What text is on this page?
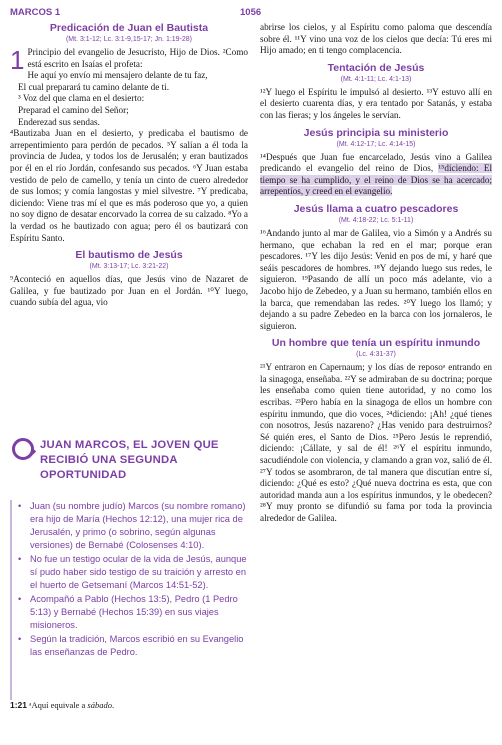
MARCOS 1	1056
Predicación de Juan el Bautista
(Mt. 3:1-12; Lc. 3:1-9,15-17; Jn. 1:19-28)

1 Principio del evangelio de Jesucristo, Hijo de Dios. ²Como está escrito en Isaías el profeta:

He aquí yo envío mi mensajero delante de tu faz,

El cual preparará tu camino delante de ti.

³ Voz del que clama en el desierto:

Preparad el camino del Señor;

Enderezad sus sendas.

⁴Bautizaba Juan en el desierto, y predicaba el bautismo de arrepentimiento para perdón de pecados. ⁵Y salían a él toda la provincia de Judea, y todos los de Jerusalén; y eran bautizados por él en el río Jordán, confesando sus pecados. ⁶Y Juan estaba vestido de pelo de camello, y tenía un cinto de cuero alrededor de sus lomos; y comía langostas y miel silvestre. ⁷Y predicaba, diciendo: Viene tras mí el que es más poderoso que yo, a quien no soy digno de desatar encorvado la correa de su calzado. ⁸Yo a la verdad os he bautizado con agua; pero él os bautizará con Espíritu Santo.

El bautismo de Jesús
(Mt. 3:13-17; Lc. 3:21-22)

⁹Aconteció en aquellos días, que Jesús vino de Nazaret de Galilea, y fue bautizado por Juan en el Jordán. ¹⁰Y luego, cuando subía del agua, vio

JUAN MARCOS, EL JOVEN QUE RECIBIÓ UNA SEGUNDA OPORTUNIDAD
• Juan (su nombre judío) Marcos (su nombre romano) era hijo de María (Hechos 12:12), una mujer rica de Jerusalén, y primo (o sobrino, según algunas versiones) de Bernabé (Colosenses 4:10).
• No fue un testigo ocular de la vida de Jesús, aunque sí pudo haber sido testigo de su traición y arresto en el huerto de Getsemaní (Marcos 14:51-52).
• Acompañó a Pablo (Hechos 13:5), Pedro (1 Pedro 5:13) y Bernabé (Hechos 15:39) en sus viajes misioneros.
• Según la tradición, Marcos escribió en su Evangelio las enseñanzas de Pedro.
1:21 ᵃAquí equivale a sábado.

abrirse los cielos, y al Espíritu como paloma que descendía sobre él. ¹¹Y vino una voz de los cielos que decía: Tú eres mi Hijo amado; en ti tengo complacencia.

Tentación de Jesús
(Mt. 4:1-11; Lc. 4:1-13)

¹²Y luego el Espíritu le impulsó al desierto. ¹³Y estuvo allí en el desierto cuarenta días, y era tentado por Satanás, y estaba con las fieras; y los ángeles le servían.

Jesús principia su ministerio
(Mt. 4:12-17; Lc. 4:14-15)

¹⁴Después que Juan fue encarcelado, Jesús vino a Galilea predicando el evangelio del reino de Dios, ¹⁵diciendo: El tiempo se ha cumplido, y el reino de Dios se ha acercado; arrepentíos, y creed en el evangelio.

Jesús llama a cuatro pescadores
(Mt. 4:18-22; Lc. 5:1-11)

¹⁶Andando junto al mar de Galilea, vio a Simón y a Andrés su hermano, que echaban la red en el mar; porque eran pescadores. ¹⁷Y les dijo Jesús: Venid en pos de mí, y haré que seáis pescadores de hombres. ¹⁸Y dejando luego sus redes, le siguieron. ¹⁹Pasando de allí un poco más adelante, vio a Jacobo hijo de Zebedeo, y a Juan su hermano, también ellos en la barca, que remendaban las redes. ²⁰Y luego los llamó; y dejando a su padre Zebedeo en la barca con los jornaleros, le siguieron.

Un hombre que tenía un espíritu inmundo
(Lc. 4:31-37)

²¹Y entraron en Capernaum; y los días de reposoᵃ entrando en la sinagoga, enseñaba. ²²Y se admiraban de su doctrina; porque les enseñaba como quien tiene autoridad, y no como los escribas. ²³Pero había en la sinagoga de ellos un hombre con espíritu inmundo, que dio voces, ²⁴diciendo: ¡Ah! ¿qué tienes con nosotros, Jesús nazareno? ¿Has venido para destruirnos? Sé quién eres, el Santo de Dios. ²⁵Pero Jesús le reprendió, diciendo: ¡Cállate, y sal de él! ²⁶Y el espíritu inmundo, sacudiéndole con violencia, y clamando a gran voz, salió de él. ²⁷Y todos se asombraron, de tal manera que discutían entre sí, diciendo: ¿Qué es esto? ¿Qué nueva doctrina es esta, que con autoridad manda aun a los espíritus inmundos, y le obedecen? ²⁸Y muy pronto se difundió su fama por toda la provincia alrededor de Galilea.
